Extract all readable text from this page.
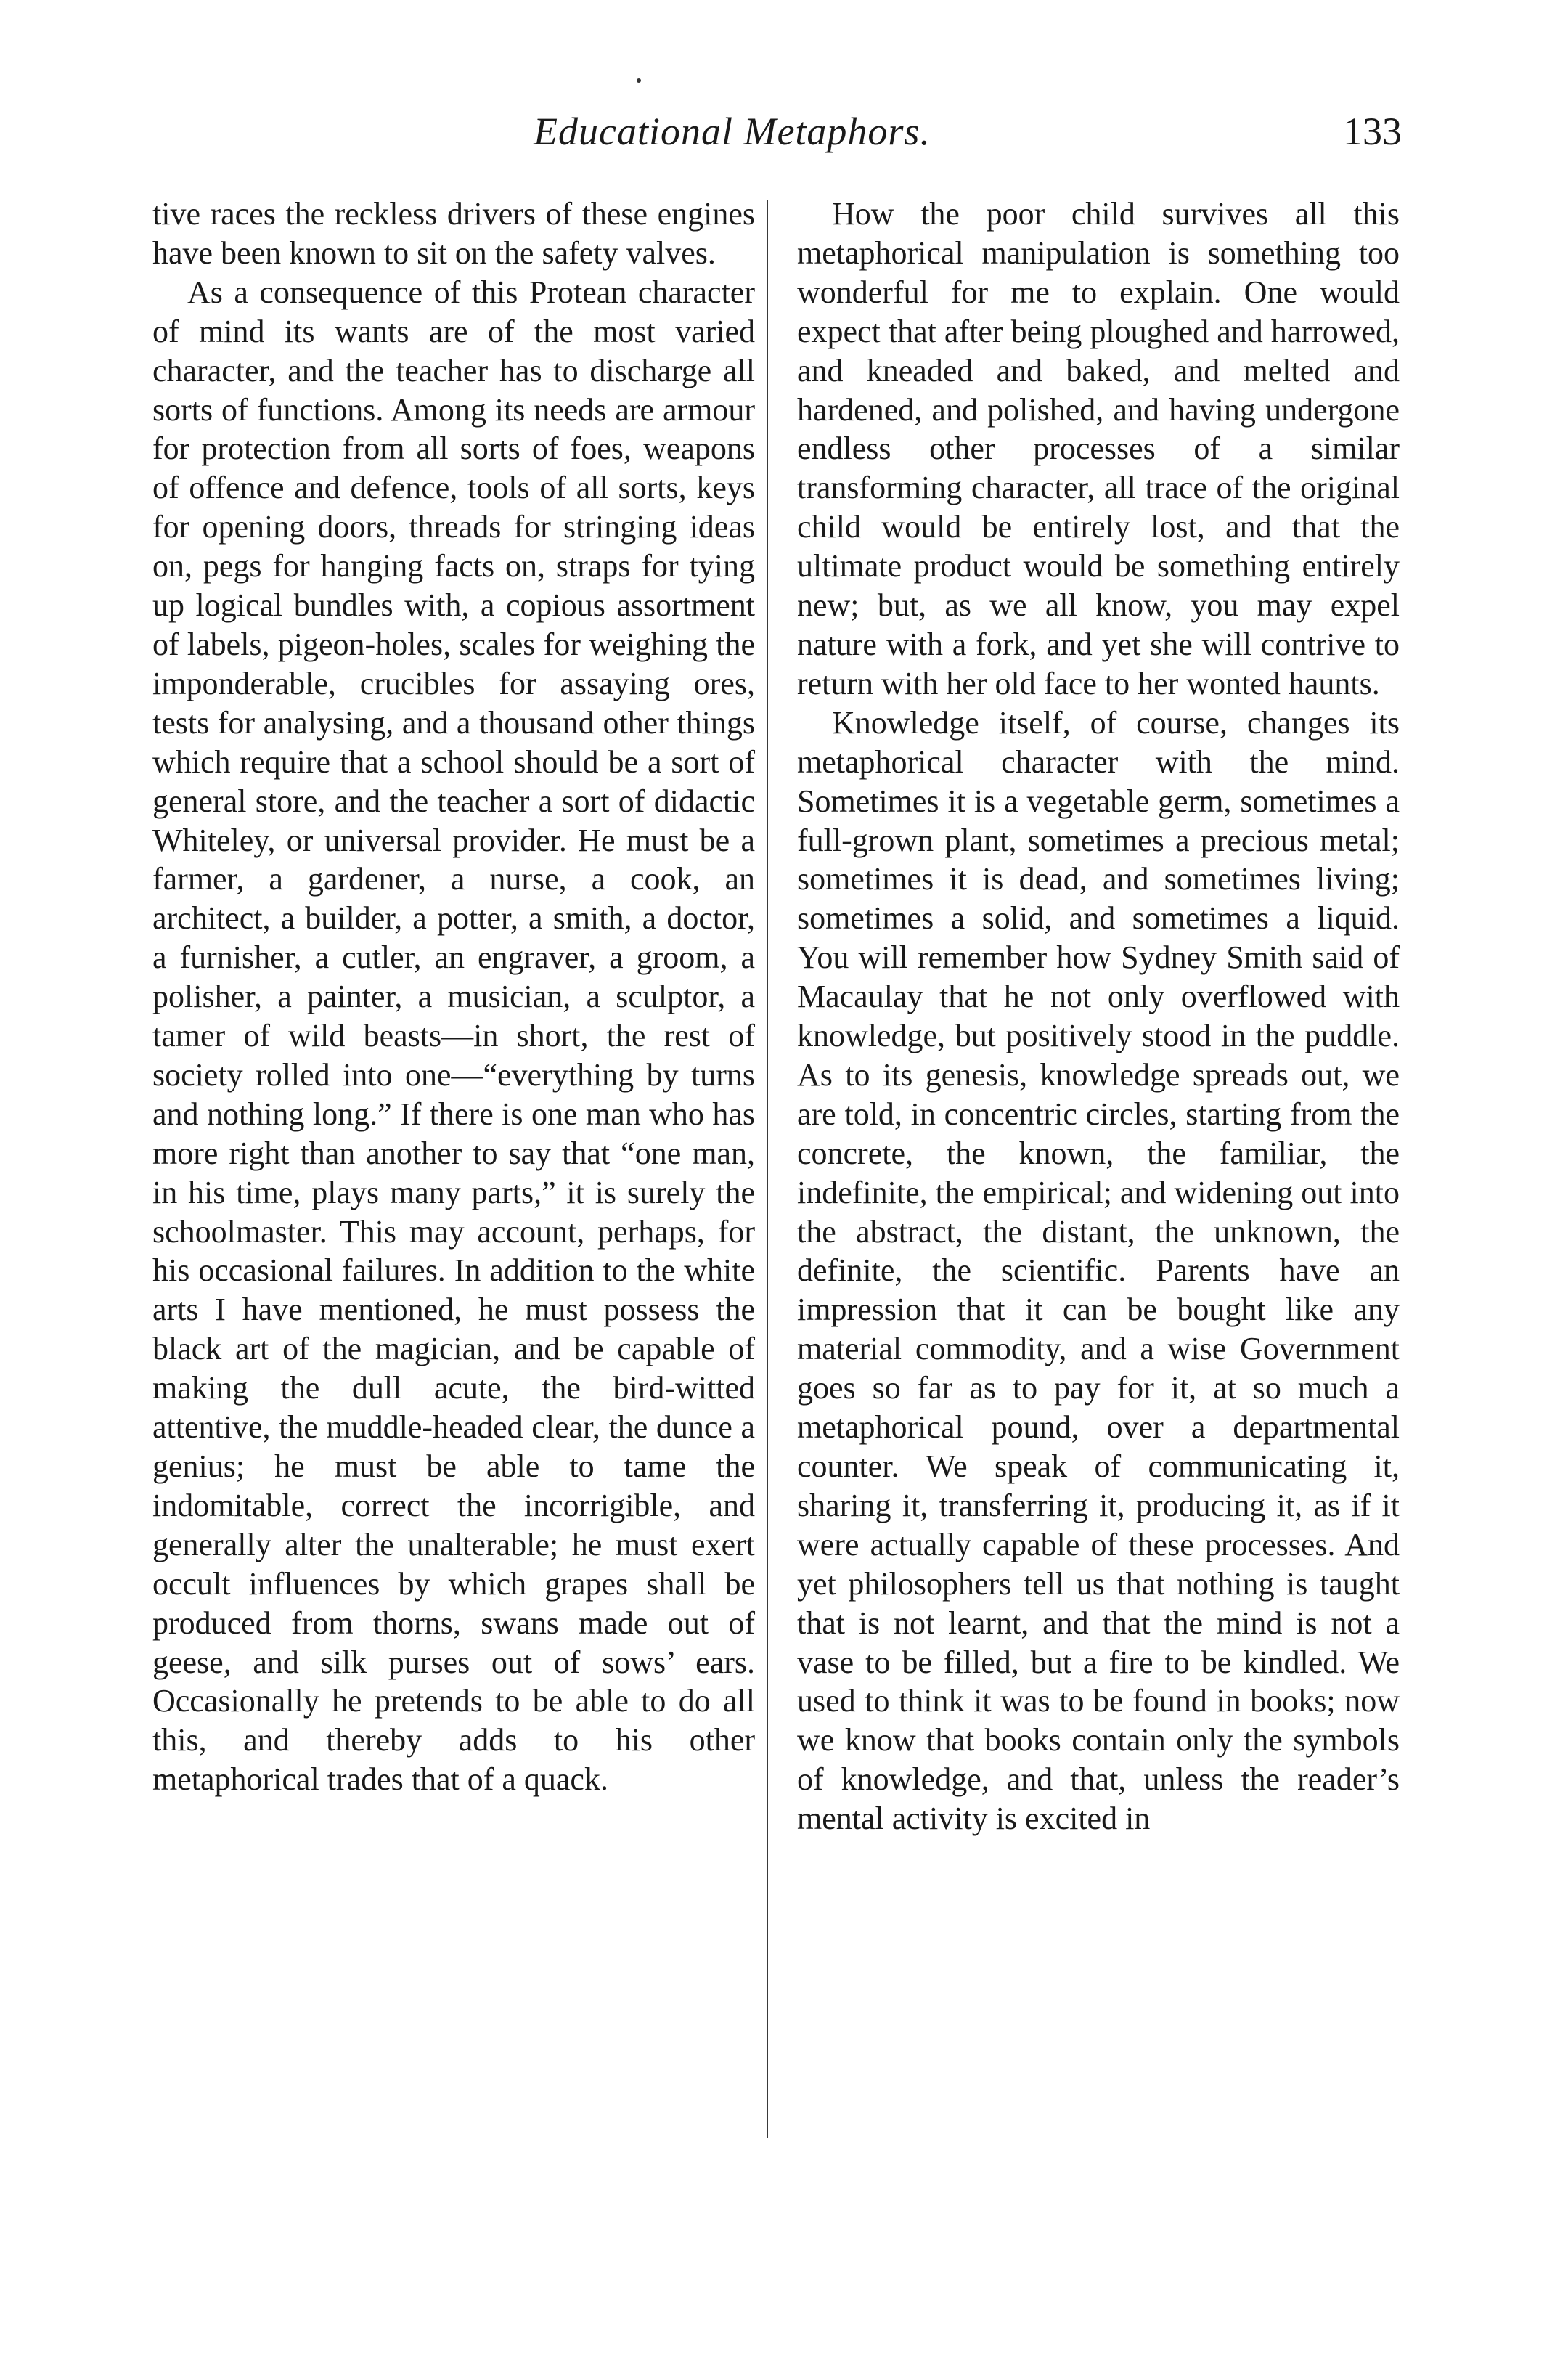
Educational Metaphors.	133

tive races the reckless drivers of these engines have been known to sit on the safety valves.

As a consequence of this Protean character of mind its wants are of the most varied character, and the teacher has to discharge all sorts of functions. Among its needs are armour for protection from all sorts of foes, weapons of offence and defence, tools of all sorts, keys for opening doors, threads for stringing ideas on, pegs for hanging facts on, straps for tying up logical bundles with, a copious assortment of labels, pigeon-holes, scales for weighing the imponderable, crucibles for assaying ores, tests for analysing, and a thousand other things which require that a school should be a sort of general store, and the teacher a sort of didactic Whiteley, or universal provider. He must be a farmer, a gardener, a nurse, a cook, an architect, a builder, a potter, a smith, a doctor, a furnisher, a cutler, an engraver, a groom, a polisher, a painter, a musician, a sculptor, a tamer of wild beasts—in short, the rest of society rolled into one—“everything by turns and nothing long.” If there is one man who has more right than another to say that “one man, in his time, plays many parts,” it is surely the schoolmaster. This may account, perhaps, for his occasional failures. In addition to the white arts I have mentioned, he must possess the black art of the magician, and be capable of making the dull acute, the bird-witted attentive, the muddle-headed clear, the dunce a genius; he must be able to tame the indomitable, correct the incorrigible, and generally alter the unalterable; he must exert occult influences by which grapes shall be produced from thorns, swans made out of geese, and silk purses out of sows’ ears. Occasionally he pretends to be able to do all this, and thereby adds to his other metaphorical trades that of a quack.

How the poor child survives all this metaphorical manipulation is something too wonderful for me to explain. One would expect that after being ploughed and harrowed, and kneaded and baked, and melted and hardened, and polished, and having undergone endless other processes of a similar transforming character, all trace of the original child would be entirely lost, and that the ultimate product would be something entirely new; but, as we all know, you may expel nature with a fork, and yet she will contrive to return with her old face to her wonted haunts.

Knowledge itself, of course, changes its metaphorical character with the mind. Sometimes it is a vegetable germ, sometimes a full-grown plant, sometimes a precious metal; sometimes it is dead, and sometimes living; sometimes a solid, and sometimes a liquid. You will remember how Sydney Smith said of Macaulay that he not only overflowed with knowledge, but positively stood in the puddle. As to its genesis, knowledge spreads out, we are told, in concentric circles, starting from the concrete, the known, the familiar, the indefinite, the empirical; and widening out into the abstract, the distant, the unknown, the definite, the scientific. Parents have an impression that it can be bought like any material commodity, and a wise Government goes so far as to pay for it, at so much a metaphorical pound, over a departmental counter. We speak of communicating it, sharing it, transferring it, producing it, as if it were actually capable of these processes. And yet philosophers tell us that nothing is taught that is not learnt, and that the mind is not a vase to be filled, but a fire to be kindled. We used to think it was to be found in books; now we know that books contain only the symbols of knowledge, and that, unless the reader’s mental activity is excited in
